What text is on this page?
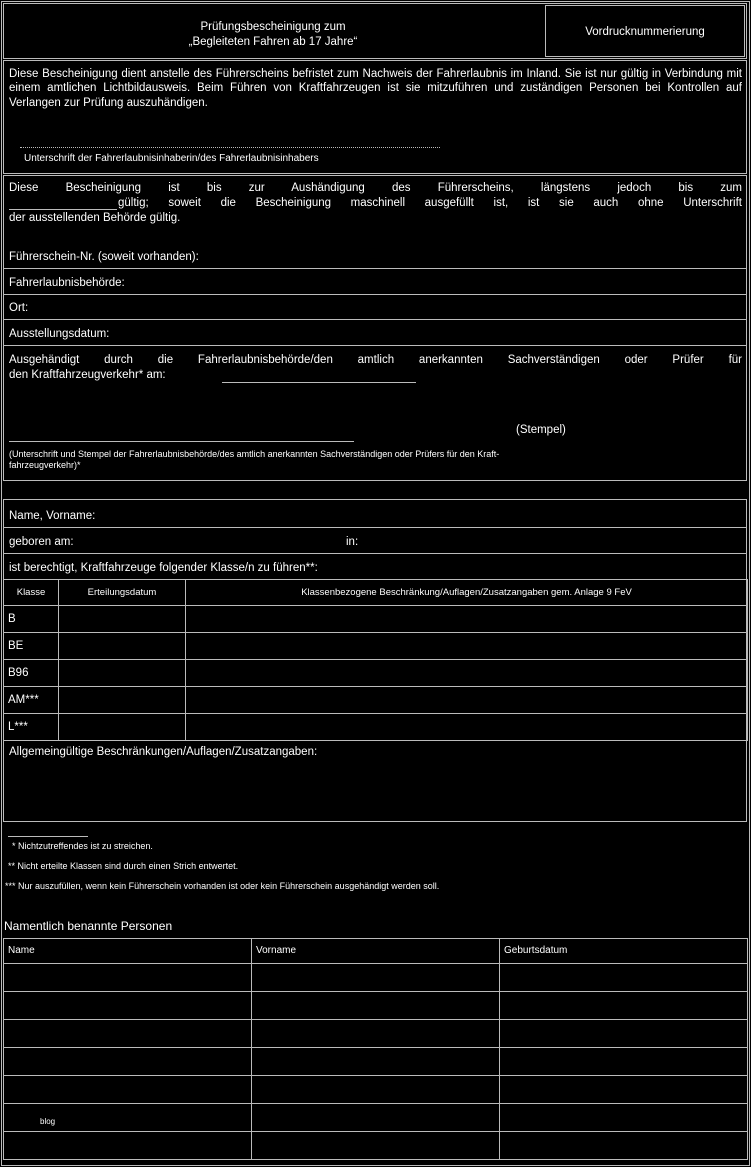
Prüfungsbescheinigung zum
„Begleiteten Fahren ab 17 Jahre“
Vordrucknummerierung
Diese Bescheinigung dient anstelle des Führerscheins befristet zum Nachweis der Fahrerlaubnis im Inland. Sie ist nur gültig in Verbindung mit einem amtlichen Lichtbildausweis. Beim Führen von Kraftfahrzeugen ist sie mitzuführen und zuständigen Personen bei Kontrollen auf Verlangen zur Prüfung auszuhändigen.
Unterschrift der Fahrerlaubnisinhaberin/des Fahrerlaubnisinhabers
Diese Bescheinigung ist bis zur Aushändigung des Führerscheins, längstens jedoch bis zum
gültig; soweit die Bescheinigung maschinell ausgefüllt ist, ist sie auch ohne Unterschrift
der ausstellenden Behörde gültig.
Führerschein-Nr. (soweit vorhanden):
Fahrerlaubnisbehörde:
Ort:
Ausstellungsdatum:
Ausgehändigt durch die Fahrerlaubnisbehörde/den amtlich anerkannten Sachverständigen oder Prüfer für
den Kraftfahrzeugverkehr* am:
(Stempel)
(Unterschrift und Stempel der Fahrerlaubnisbehörde/des amtlich anerkannten Sachverständigen oder Prüfers für den Kraft-
fahrzeugverkehr)*
Name, Vorname:
geboren am:	in:
ist berechtigt, Kraftfahrzeuge folgender Klasse/n zu führen**:
Klasse	Erteilungsdatum	Klassenbezogene Beschränkung/Auflagen/Zusatzangaben gem. Anlage 9 FeV
B		
BE		
B96		
AM***		
L***		
Allgemeingültige Beschränkungen/Auflagen/Zusatzangaben:
* Nichtzutreffendes ist zu streichen.
** Nicht erteilte Klassen sind durch einen Strich entwertet.
*** Nur auszufüllen, wenn kein Führerschein vorhanden ist oder kein Führerschein ausgehändigt werden soll.
Namentlich benannte Personen
Name	Vorname	Geburtsdatum

blog
